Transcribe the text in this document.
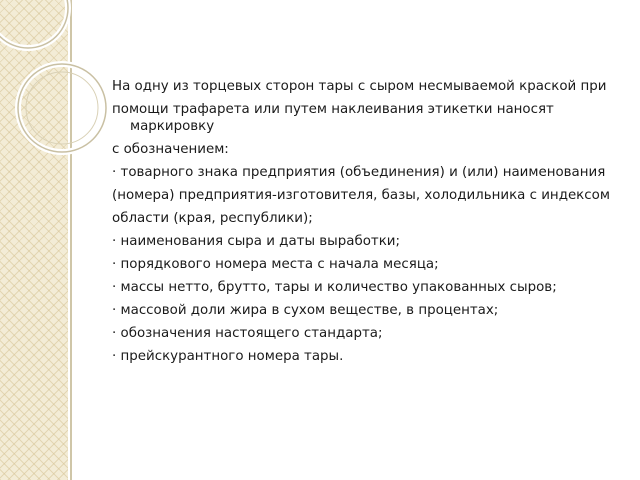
На одну из торцевых сторон тары с сыром несмываемой краской при

помощи трафарета или путем наклеивания этикетки наносят маркировку

с обозначением:

· товарного знака предприятия (объединения) и (или) наименования

(номера) предприятия-изготовителя, базы, холодильника с индексом

области (края, республики);

· наименования сыра и даты выработки;

· порядкового номера места с начала месяца;

· массы нетто, брутто, тары и количество упакованных сыров;

· массовой доли жира в сухом веществе, в процентах;

· обозначения настоящего стандарта;

· прейскурантного номера тары.
